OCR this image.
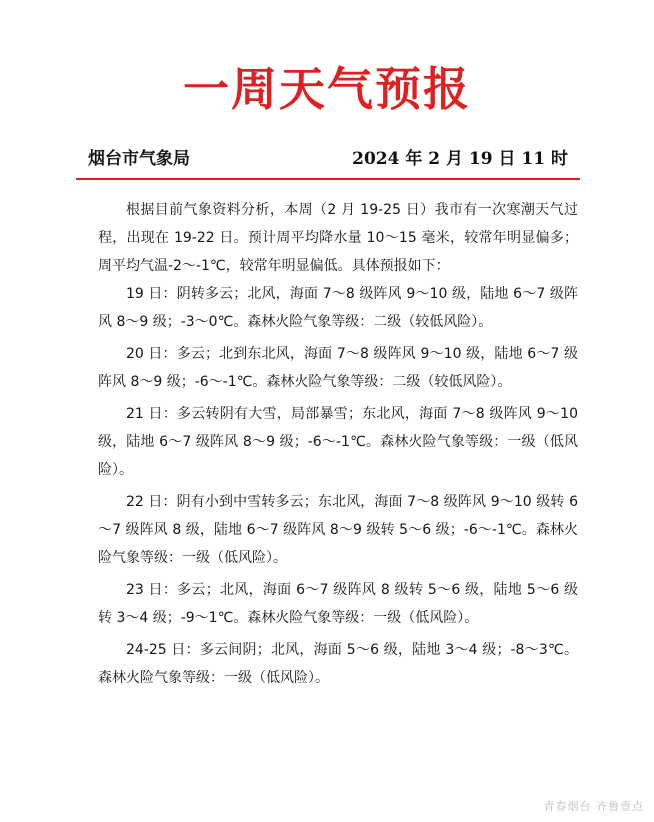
一周天气预报
烟台市气象局	2024 年 2 月 19 日 11 时

根据目前气象资料分析，本周（2 月 19-25 日）我市有一次寒潮天气过程，出现在 19-22 日。预计周平均降水量 10～15 毫米，较常年明显偏多；周平均气温-2～-1℃，较常年明显偏低。具体预报如下：

19 日：阴转多云；北风，海面 7～8 级阵风 9～10 级，陆地 6～7 级阵风 8～9 级；-3～0℃。森林火险气象等级：二级（较低风险）。

20 日：多云；北到东北风，海面 7～8 级阵风 9～10 级，陆地 6～7 级阵风 8～9 级；-6～-1℃。森林火险气象等级：二级（较低风险）。

21 日：多云转阴有大雪，局部暴雪；东北风，海面 7～8 级阵风 9～10 级，陆地 6～7 级阵风 8～9 级；-6～-1℃。森林火险气象等级：一级（低风险）。

22 日：阴有小到中雪转多云；东北风，海面 7～8 级阵风 9～10 级转 6～7 级阵风 8 级，陆地 6～7 级阵风 8～9 级转 5～6 级；-6～-1℃。森林火险气象等级：一级（低风险）。

23 日：多云；北风，海面 6～7 级阵风 8 级转 5～6 级，陆地 5～6 级转 3～4 级；-9～1℃。森林火险气象等级：一级（低风险）。

24-25 日：多云间阴；北风，海面 5～6 级，陆地 3～4 级；-8～3℃。森林火险气象等级：一级（低风险）。

青春烟台 齐鲁壹点
